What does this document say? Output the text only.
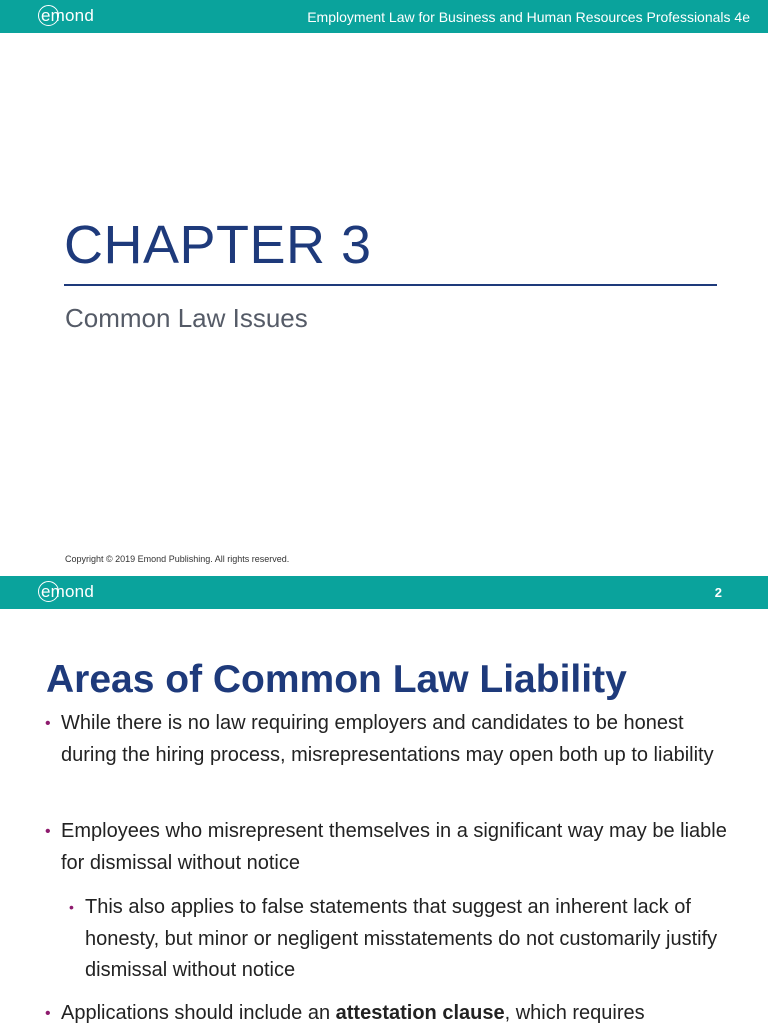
emond	Employment Law for Business and Human Resources Professionals 4e
CHAPTER 3
Common Law Issues
Copyright © 2019 Emond Publishing. All rights reserved.
emond	2
Areas of Common Law Liability
• While there is no law requiring employers and candidates to be honest during the hiring process, misrepresentations may open both up to liability
• Employees who misrepresent themselves in a significant way may be liable for dismissal without notice
• This also applies to false statements that suggest an inherent lack of honesty, but minor or negligent misstatements do not customarily justify dismissal without notice
• Applications should include an attestation clause, which requires
